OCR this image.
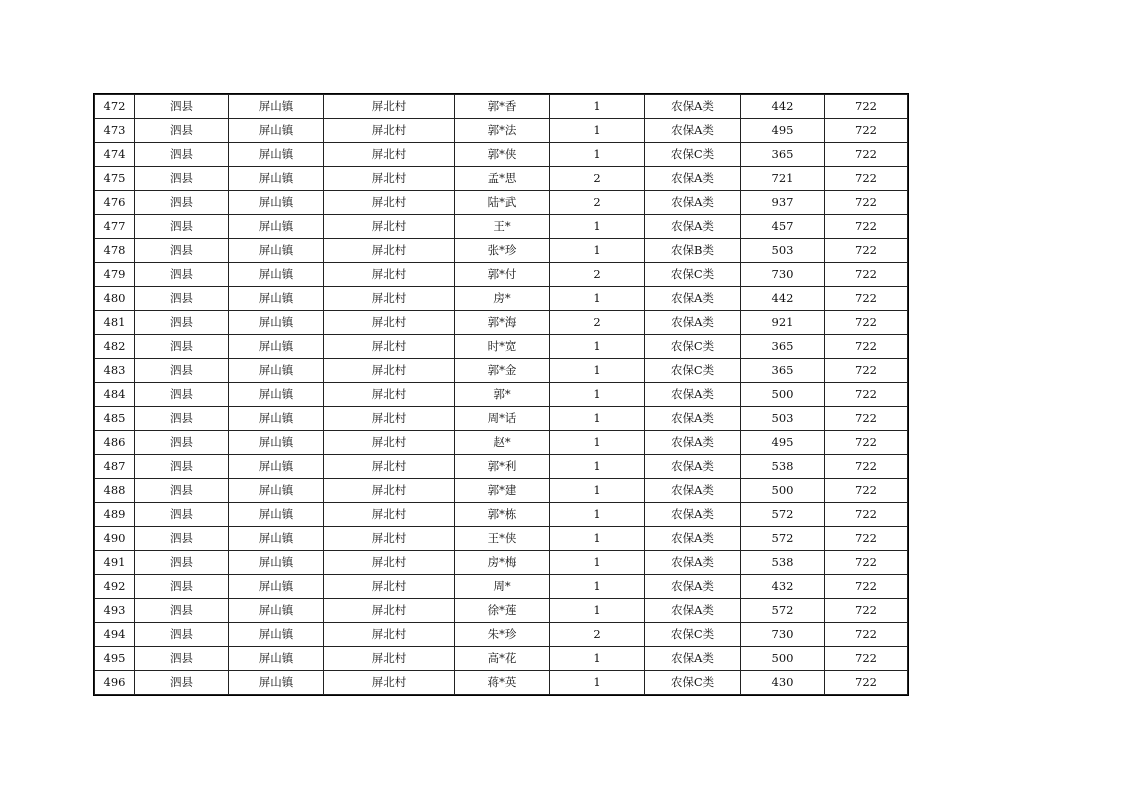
472	泗县	屏山镇	屏北村	郭*香	1	农保A类	442	722
473	泗县	屏山镇	屏北村	郭*法	1	农保A类	495	722
474	泗县	屏山镇	屏北村	郭*侠	1	农保C类	365	722
475	泗县	屏山镇	屏北村	孟*思	2	农保A类	721	722
476	泗县	屏山镇	屏北村	陆*武	2	农保A类	937	722
477	泗县	屏山镇	屏北村	王*	1	农保A类	457	722
478	泗县	屏山镇	屏北村	张*珍	1	农保B类	503	722
479	泗县	屏山镇	屏北村	郭*付	2	农保C类	730	722
480	泗县	屏山镇	屏北村	房*	1	农保A类	442	722
481	泗县	屏山镇	屏北村	郭*海	2	农保A类	921	722
482	泗县	屏山镇	屏北村	时*宽	1	农保C类	365	722
483	泗县	屏山镇	屏北村	郭*金	1	农保C类	365	722
484	泗县	屏山镇	屏北村	郭*	1	农保A类	500	722
485	泗县	屏山镇	屏北村	周*话	1	农保A类	503	722
486	泗县	屏山镇	屏北村	赵*	1	农保A类	495	722
487	泗县	屏山镇	屏北村	郭*利	1	农保A类	538	722
488	泗县	屏山镇	屏北村	郭*建	1	农保A类	500	722
489	泗县	屏山镇	屏北村	郭*栋	1	农保A类	572	722
490	泗县	屏山镇	屏北村	王*侠	1	农保A类	572	722
491	泗县	屏山镇	屏北村	房*梅	1	农保A类	538	722
492	泗县	屏山镇	屏北村	周*	1	农保A类	432	722
493	泗县	屏山镇	屏北村	徐*莲	1	农保A类	572	722
494	泗县	屏山镇	屏北村	朱*珍	2	农保C类	730	722
495	泗县	屏山镇	屏北村	高*花	1	农保A类	500	722
496	泗县	屏山镇	屏北村	蒋*英	1	农保C类	430	722
